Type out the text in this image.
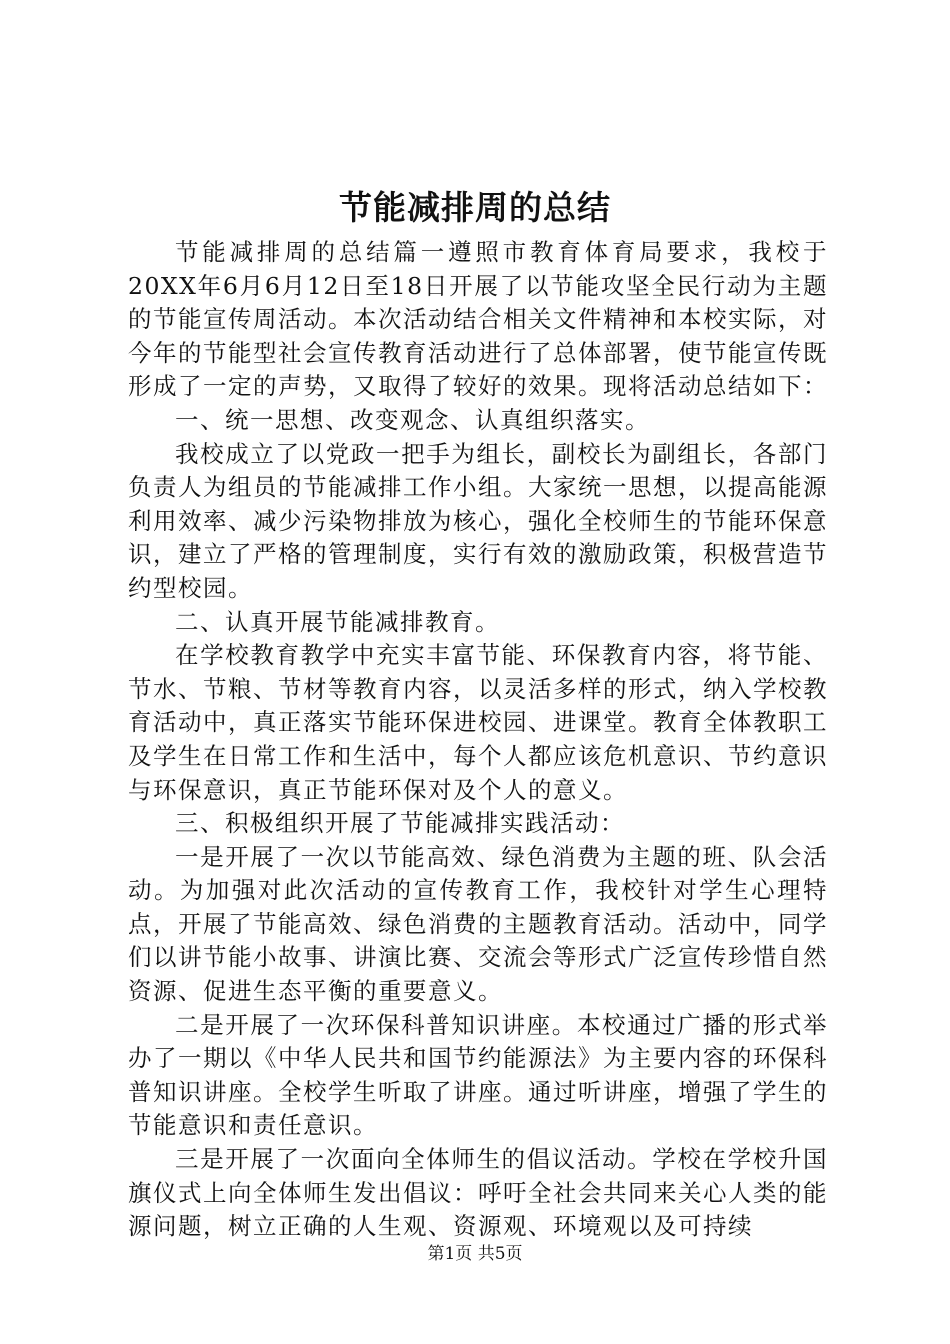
节能减排周的总结

节能减排周的总结篇一遵照市教育体育局要求，我校于20XX年6月6月12日至18日开展了以节能攻坚全民行动为主题的节能宣传周活动。本次活动结合相关文件精神和本校实际，对今年的节能型社会宣传教育活动进行了总体部署，使节能宣传既形成了一定的声势，又取得了较好的效果。现将活动总结如下：

一、统一思想、改变观念、认真组织落实。

我校成立了以党政一把手为组长，副校长为副组长，各部门负责人为组员的节能减排工作小组。大家统一思想，以提高能源利用效率、减少污染物排放为核心，强化全校师生的节能环保意识，建立了严格的管理制度，实行有效的激励政策，积极营造节约型校园。

二、认真开展节能减排教育。

在学校教育教学中充实丰富节能、环保教育内容，将节能、节水、节粮、节材等教育内容，以灵活多样的形式，纳入学校教育活动中，真正落实节能环保进校园、进课堂。教育全体教职工及学生在日常工作和生活中，每个人都应该危机意识、节约意识与环保意识，真正节能环保对及个人的意义。

三、积极组织开展了节能减排实践活动：

一是开展了一次以节能高效、绿色消费为主题的班、队会活动。为加强对此次活动的宣传教育工作，我校针对学生心理特点，开展了节能高效、绿色消费的主题教育活动。活动中，同学们以讲节能小故事、讲演比赛、交流会等形式广泛宣传珍惜自然资源、促进生态平衡的重要意义。

二是开展了一次环保科普知识讲座。本校通过广播的形式举办了一期以《中华人民共和国节约能源法》为主要内容的环保科普知识讲座。全校学生听取了讲座。通过听讲座，增强了学生的节能意识和责任意识。

三是开展了一次面向全体师生的倡议活动。学校在学校升国旗仪式上向全体师生发出倡议：呼吁全社会共同来关心人类的能源问题，树立正确的人生观、资源观、环境观以及可持续

第1页 共5页
